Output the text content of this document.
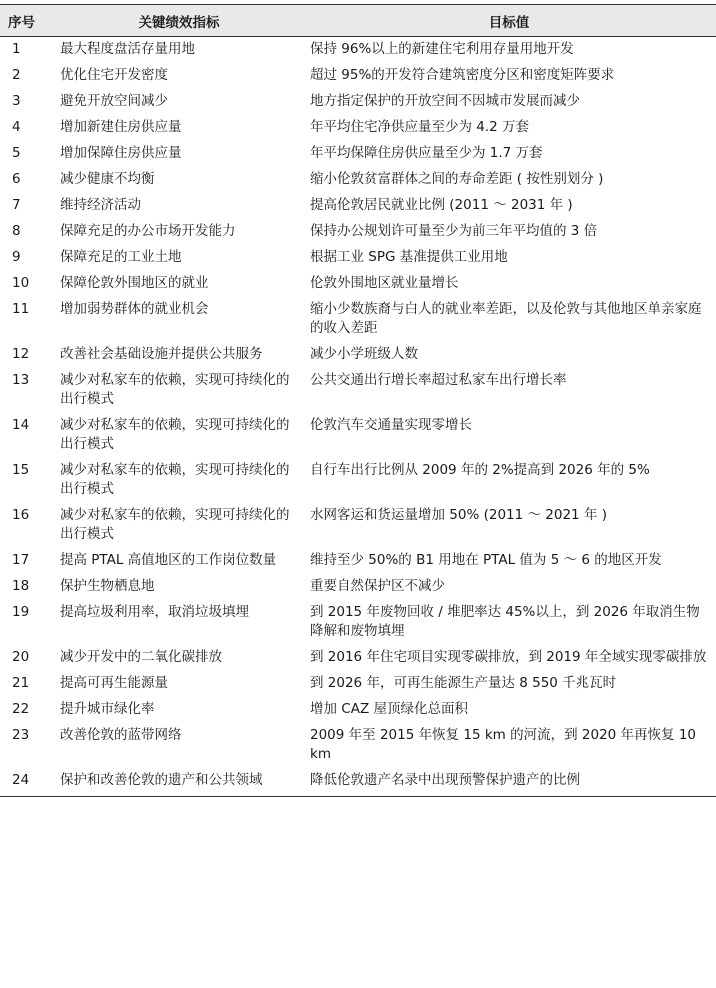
序号	关键绩效指标	目标值
1	最大程度盘活存量用地	保持 96%以上的新建住宅利用存量用地开发
2	优化住宅开发密度	超过 95%的开发符合建筑密度分区和密度矩阵要求
3	避免开放空间减少	地方指定保护的开放空间不因城市发展而减少
4	增加新建住房供应量	年平均住宅净供应量至少为 4.2 万套
5	增加保障住房供应量	年平均保障住房供应量至少为 1.7 万套
6	减少健康不均衡	缩小伦敦贫富群体之间的寿命差距 ( 按性别划分 )
7	维持经济活动	提高伦敦居民就业比例 (2011 ～ 2031 年 )
8	保障充足的办公市场开发能力	保持办公规划许可量至少为前三年平均值的 3 倍
9	保障充足的工业土地	根据工业 SPG 基准提供工业用地
10	保障伦敦外围地区的就业	伦敦外围地区就业量增长
11	增加弱势群体的就业机会	缩小少数族裔与白人的就业率差距，以及伦敦与其他地区单亲家庭的收入差距
12	改善社会基础设施并提供公共服务	减少小学班级人数
13	减少对私家车的依赖，实现可持续化的出行模式	公共交通出行增长率超过私家车出行增长率
14	减少对私家车的依赖，实现可持续化的出行模式	伦敦汽车交通量实现零增长
15	减少对私家车的依赖，实现可持续化的出行模式	自行车出行比例从 2009 年的 2%提高到 2026 年的 5%
16	减少对私家车的依赖，实现可持续化的出行模式	水网客运和货运量增加 50% (2011 ～ 2021 年 )
17	提高 PTAL 高值地区的工作岗位数量	维持至少 50%的 B1 用地在 PTAL 值为 5 ～ 6 的地区开发
18	保护生物栖息地	重要自然保护区不减少
19	提高垃圾利用率，取消垃圾填埋	到 2015 年废物回收 / 堆肥率达 45%以上，到 2026 年取消生物降解和废物填埋
20	减少开发中的二氧化碳排放	到 2016 年住宅项目实现零碳排放，到 2019 年全域实现零碳排放
21	提高可再生能源量	到 2026 年，可再生能源生产量达 8 550 千兆瓦时
22	提升城市绿化率	增加 CAZ 屋顶绿化总面积
23	改善伦敦的蓝带网络	2009 年至 2015 年恢复 15 km 的河流，到 2020 年再恢复 10 km
24	保护和改善伦敦的遗产和公共领域	降低伦敦遗产名录中出现预警保护遗产的比例
